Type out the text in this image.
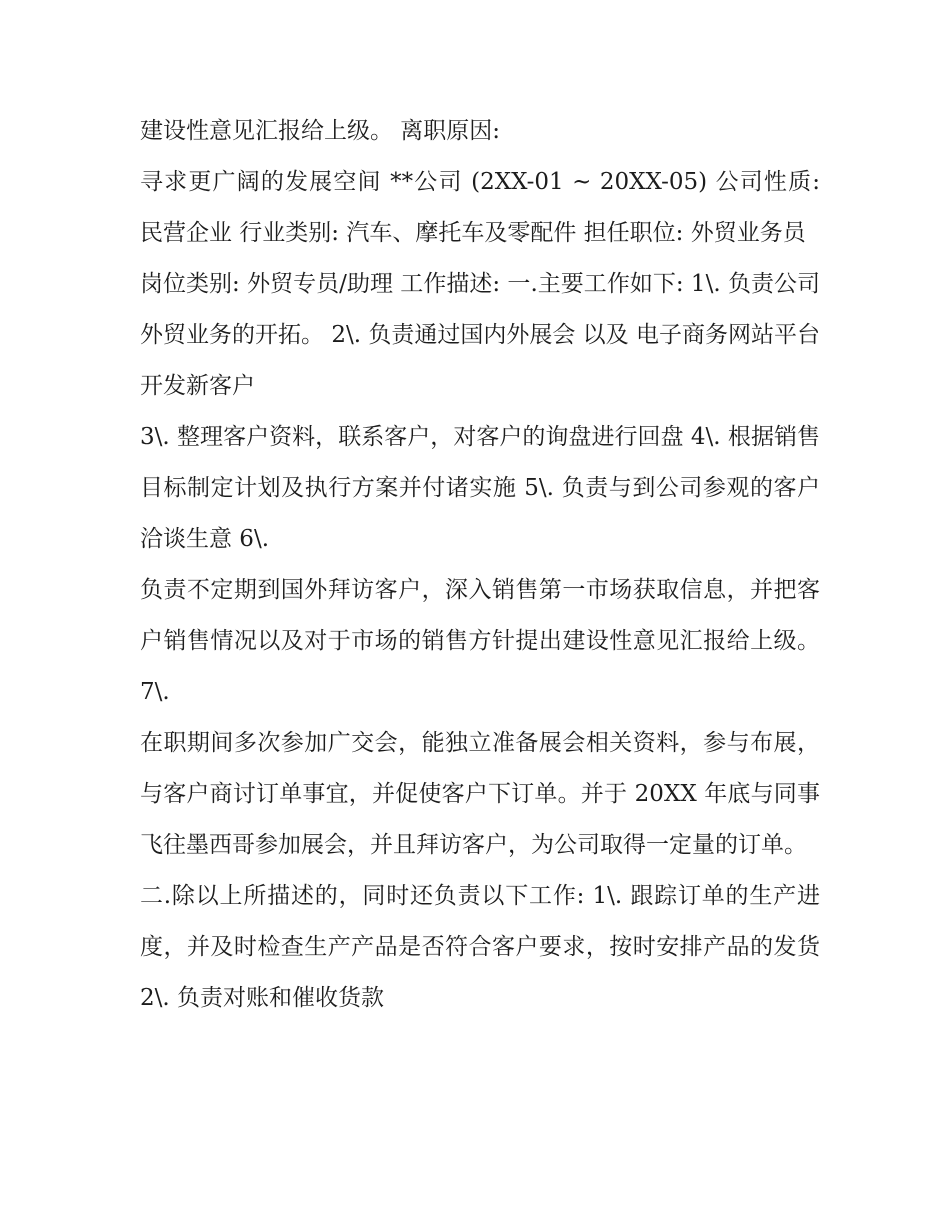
建设性意见汇报给上级。 离职原因:

寻求更广阔的发展空间 **公司 (2XX-01 ~ 20XX-05) 公司性质: 民营企业 行业类别: 汽车、摩托车及零配件 担任职位: 外贸业务员

岗位类别: 外贸专员/助理 工作描述: 一.主要工作如下: 1\. 负责公司外贸业务的开拓。 2\. 负责通过国内外展会 以及 电子商务网站平台 开发新客户

3\. 整理客户资料，联系客户，对客户的询盘进行回盘 4\. 根据销售目标制定计划及执行方案并付诸实施 5\. 负责与到公司参观的客户洽谈生意 6\.

负责不定期到国外拜访客户，深入销售第一市场获取信息，并把客户销售情况以及对于市场的销售方针提出建设性意见汇报给上级。 7\.

在职期间多次参加广交会，能独立准备展会相关资料，参与布展，与客户商讨订单事宜，并促使客户下订单。并于 20XX 年底与同事飞往墨西哥参加展会，并且拜访客户，为公司取得一定量的订单。

二.除以上所描述的，同时还负责以下工作: 1\. 跟踪订单的生产进度，并及时检查生产产品是否符合客户要求，按时安排产品的发货 2\. 负责对账和催收货款
